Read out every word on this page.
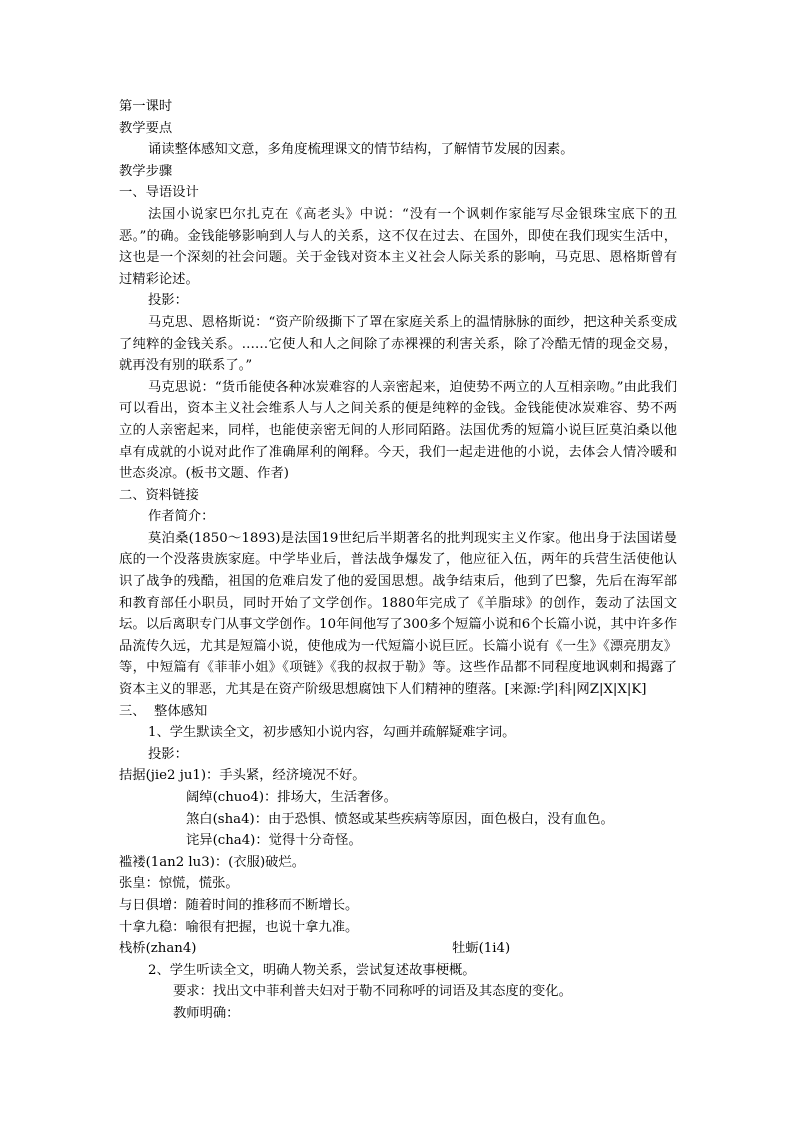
第一课时

教学要点

诵读整体感知文意，多角度梳理课文的情节结构，了解情节发展的因素。

教学步骤

一、导语设计

法国小说家巴尔扎克在《高老头》中说：“没有一个讽刺作家能写尽金银珠宝底下的丑恶。”的确。金钱能够影响到人与人的关系，这不仅在过去、在国外，即使在我们现实生活中，这也是一个深刻的社会问题。关于金钱对资本主义社会人际关系的影响，马克思、恩格斯曾有过精彩论述。

投影：

马克思、恩格斯说：“资产阶级撕下了罩在家庭关系上的温情脉脉的面纱，把这种关系变成了纯粹的金钱关系。……它使人和人之间除了赤裸裸的利害关系，除了冷酷无情的现金交易，就再没有别的联系了。”

马克思说：“货币能使各种冰炭难容的人亲密起来，迫使势不两立的人互相亲吻。”由此我们可以看出，资本主义社会维系人与人之间关系的便是纯粹的金钱。金钱能使冰炭难容、势不两立的人亲密起来，同样，也能使亲密无间的人形同陌路。法国优秀的短篇小说巨匠莫泊桑以他卓有成就的小说对此作了准确犀利的阐释。今天，我们一起走进他的小说，去体会人情冷暖和世态炎凉。(板书文题、作者)

二、资料链接

作者简介：

莫泊桑(1850～1893)是法国19世纪后半期著名的批判现实主义作家。他出身于法国诺曼底的一个没落贵族家庭。中学毕业后，普法战争爆发了，他应征入伍，两年的兵营生活使他认识了战争的残酷，祖国的危难启发了他的爱国思想。战争结束后，他到了巴黎，先后在海军部和教育部任小职员，同时开始了文学创作。1880年完成了《羊脂球》的创作，轰动了法国文坛。以后离职专门从事文学创作。10年间他写了300多个短篇小说和6个长篇小说，其中许多作品流传久远，尤其是短篇小说，使他成为一代短篇小说巨匠。长篇小说有《一生》《漂亮朋友》等，中短篇有《菲菲小姐》《项链》《我的叔叔于勒》等。这些作品都不同程度地讽刺和揭露了资本主义的罪恶，尤其是在资产阶级思想腐蚀下人们精神的堕落。[来源:学|科|网Z|X|X|K]

三、  整体感知

1、学生默读全文，初步感知小说内容，勾画并疏解疑难字词。

投影：

拮据(jie2 ju1)：手头紧，经济境况不好。

阔绰(chuo4)：排场大，生活奢侈。

煞白(sha4)：由于恐惧、愤怒或某些疾病等原因，面色极白，没有血色。

诧异(cha4)：觉得十分奇怪。

褴褛(1an2 lu3)：(衣服)破烂。

张皇：惊慌，慌张。

与日俱增：随着时间的推移而不断增长。

十拿九稳：喻很有把握，也说十拿九准。

栈桥(zhan4)	牡蛎(1i4)

2、学生听读全文，明确人物关系，尝试复述故事梗概。

要求：找出文中菲利普夫妇对于勒不同称呼的词语及其态度的变化。

教师明确：
